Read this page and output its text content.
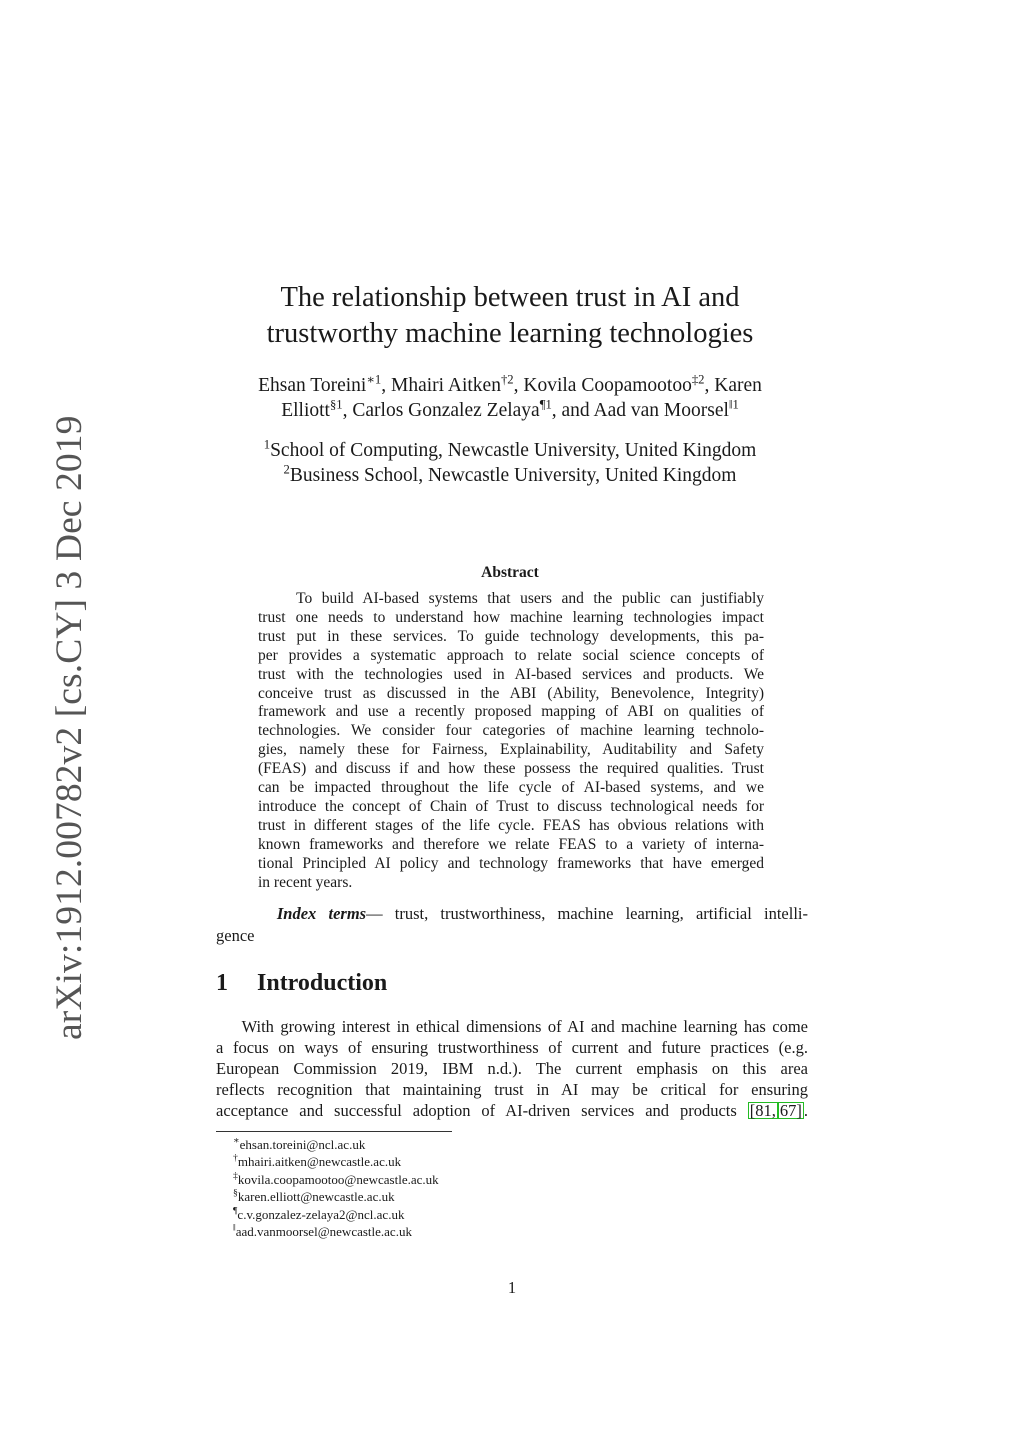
arXiv:1912.00782v2 [cs.CY] 3 Dec 2019
The relationship between trust in AI and
trustworthy machine learning technologies
Ehsan Toreini$^{∗1}$, Mhairi Aitken$^{\dagger 2}$, Kovila Coopamootoo$^{\ddagger 2}$, Karen
Elliott$^{\S 1}$, Carlos Gonzalez Zelaya$^{\P 1}$, and Aad van Moorsel$^{‖1}$
$^1$School of Computing, Newcastle University, United Kingdom
$^2$Business School, Newcastle University, United Kingdom
Abstract
To build AI-based systems that users and the public can justifiably
trust one needs to understand how machine learning technologies impact
trust put in these services. To guide technology developments, this pa-
per provides a systematic approach to relate social science concepts of
trust with the technologies used in AI-based services and products. We
conceive trust as discussed in the ABI (Ability, Benevolence, Integrity)
framework and use a recently proposed mapping of ABI on qualities of
technologies. We consider four categories of machine learning technolo-
gies, namely these for Fairness, Explainability, Auditability and Safety
(FEAS) and discuss if and how these possess the required qualities. Trust
can be impacted throughout the life cycle of AI-based systems, and we
introduce the concept of Chain of Trust to discuss technological needs for
trust in different stages of the life cycle. FEAS has obvious relations with
known frameworks and therefore we relate FEAS to a variety of interna-
tional Principled AI policy and technology frameworks that have emerged
in recent years.
Index terms— trust, trustworthiness, machine learning, artificial intelli-
gence
1 Introduction
With growing interest in ethical dimensions of AI and machine learning has come
a focus on ways of ensuring trustworthiness of current and future practices (e.g.
European Commission 2019, IBM n.d.). The current emphasis on this area
reflects recognition that maintaining trust in AI may be critical for ensuring
acceptance and successful adoption of AI-driven services and products [81, 67] .
∗ehsan.toreini@ncl.ac.uk
†mhairi.aitken@newcastle.ac.uk
‡kovila.coopamootoo@newcastle.ac.uk
§karen.elliott@newcastle.ac.uk
¶c.v.gonzalez-zelaya2@ncl.ac.uk
‖aad.vanmoorsel@newcastle.ac.uk
1
